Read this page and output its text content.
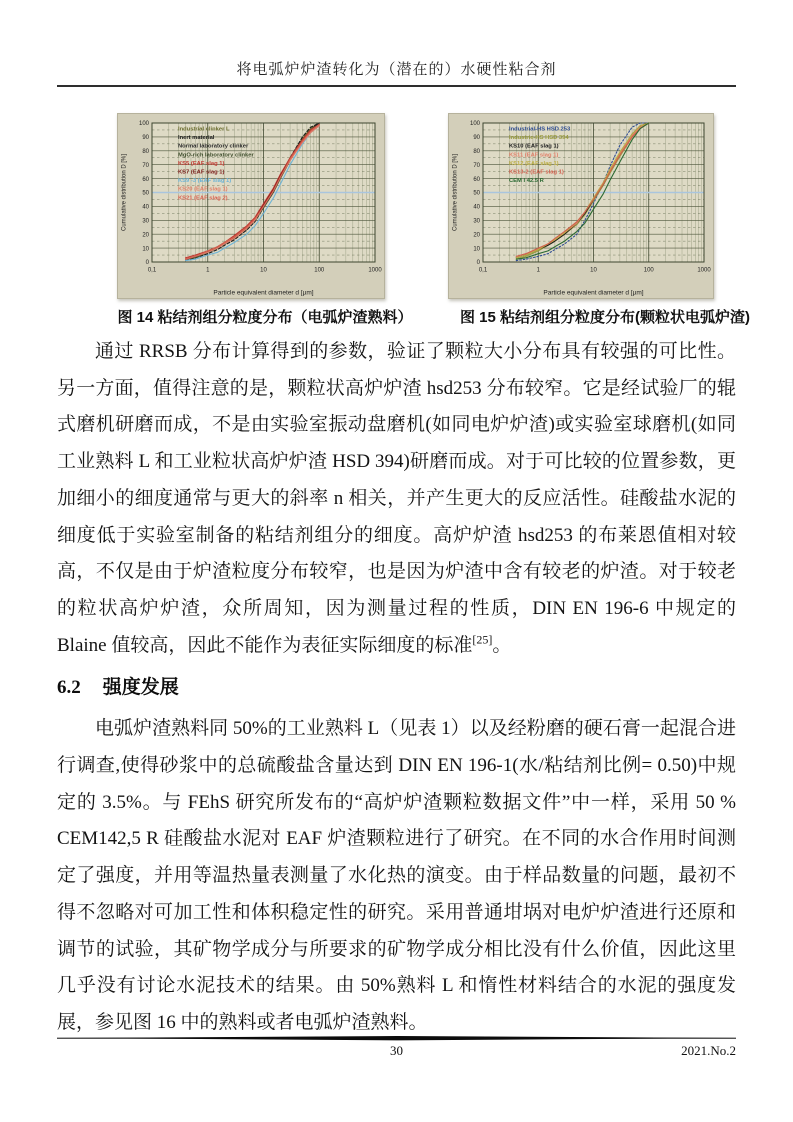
将电弧炉炉渣转化为（潜在的）水硬性粘合剂
0
10
20
30
40
50
60
70
80
90
100
0,1	1	10	100	1000
Particle equivalent diameter d [µm]
Cumulative distribution D [%]
Industrial clinker L
Inert material
Normal laboratory clinker
MgO-rich laboratory clinker
KS5 (EAF slag 1)
KS7 (EAF slag 1)
KS9 -3 (EAF slag 1)
KS20 (EAF slag 1)
KS21 (EAF slag 2)
0
10
20
30
40
50
60
70
80
90
100
0,1	1	10	100	1000
Particle equivalent diameter d [µm]
Cumulative distribution D [%]
Industrial-HS HSD 253
Industrie-HS HSD 394
KS10 (EAF slag 1)
KS11 (EAF slag 1)
KS12 (EAF slag 1)
KS13-2 (EAF slag 1)
CEM I 42.5 R
图 14 粘结剂组分粒度分布（电弧炉渣熟料）	图 15 粘结剂组分粒度分布(颗粒状电弧炉渣)

通过 RRSB 分布计算得到的参数，验证了颗粒大小分布具有较强的可比性。另一方面，值得注意的是，颗粒状高炉炉渣 hsd253 分布较窄。它是经试验厂的辊式磨机研磨而成，不是由实验室振动盘磨机(如同电炉炉渣)或实验室球磨机(如同工业熟料 L 和工业粒状高炉炉渣 HSD 394)研磨而成。对于可比较的位置参数，更加细小的细度通常与更大的斜率 n 相关，并产生更大的反应活性。硅酸盐水泥的细度低于实验室制备的粘结剂组分的细度。高炉炉渣 hsd253 的布莱恩值相对较高，不仅是由于炉渣粒度分布较窄，也是因为炉渣中含有较老的炉渣。对于较老的粒状高炉炉渣，众所周知，因为测量过程的性质，DIN EN 196-6 中规定的 Blaine 值较高，因此不能作为表征实际细度的标准[25]。

6.2 强度发展

电弧炉渣熟料同 50%的工业熟料 L（见表 1）以及经粉磨的硬石膏一起混合进行调查,使得砂浆中的总硫酸盐含量达到 DIN EN 196-1(水/粘结剂比例= 0.50)中规定的 3.5%。与 FEhS 研究所发布的“高炉炉渣颗粒数据文件”中一样，采用 50 % CEM142,5 R 硅酸盐水泥对 EAF 炉渣颗粒进行了研究。在不同的水合作用时间测定了强度，并用等温热量表测量了水化热的演变。由于样品数量的问题，最初不得不忽略对可加工性和体积稳定性的研究。采用普通坩埚对电炉炉渣进行还原和调节的试验，其矿物学成分与所要求的矿物学成分相比没有什么价值，因此这里几乎没有讨论水泥技术的结果。由 50%熟料 L 和惰性材料结合的水泥的强度发展，参见图 16 中的熟料或者电弧炉渣熟料。

30	2021.No.2
